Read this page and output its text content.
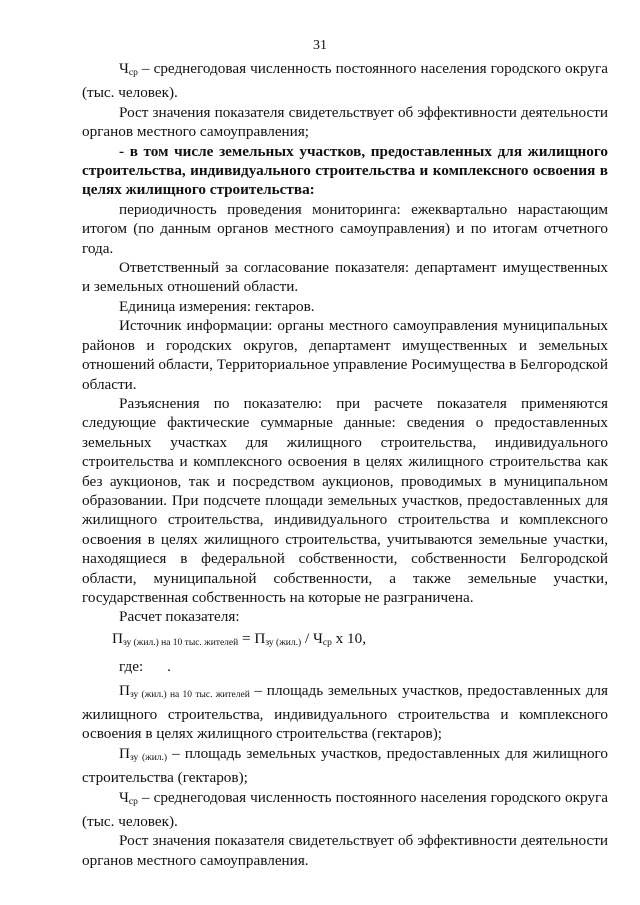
31

$Ч_{ср}$ – среднегодовая численность постоянного населения городского округа (тыс. человек).

Рост значения показателя свидетельствует об эффективности деятельности органов местного самоуправления;

- в том числе земельных участков, предоставленных для жилищного строительства, индивидуального строительства и комплексного освоения в целях жилищного строительства:

периодичность проведения мониторинга: ежеквартально нарастающим итогом (по данным органов местного самоуправления) и по итогам отчетного года.

Ответственный за согласование показателя: департамент имущественных и земельных отношений области.

Единица измерения: гектаров.

Источник информации: органы местного самоуправления муниципальных районов и городских округов, департамент имущественных и земельных отношений области, Территориальное управление Росимущества в Белгородской области.

Разъяснения по показателю: при расчете показателя применяются следующие фактические суммарные данные: сведения о предоставленных земельных участках для жилищного строительства, индивидуального строительства и комплексного освоения в целях жилищного строительства как без аукционов, так и посредством аукционов, проводимых в муниципальном образовании. При подсчете площади земельных участков, предоставленных для жилищного строительства, индивидуального строительства и комплексного освоения в целях жилищного строительства, учитываются земельные участки, находящиеся в федеральной собственности, собственности Белгородской области, муниципальной собственности, а также земельные участки, государственная собственность на которые не разграничена.

Расчет показателя:

$П_{зу (жил.) на 10 тыс. жителей} = П_{зу (жил.)} / Ч_{ср}$ х 10,

где: .

$П_{зу (жил.) на 10 тыс. жителей}$ – площадь земельных участков, предоставленных для жилищного строительства, индивидуального строительства и комплексного освоения в целях жилищного строительства (гектаров);

$П_{зу (жил.)}$ – площадь земельных участков, предоставленных для жилищного строительства (гектаров);

$Ч_{ср}$ – среднегодовая численность постоянного населения городского округа (тыс. человек).

Рост значения показателя свидетельствует об эффективности деятельности органов местного самоуправления.
